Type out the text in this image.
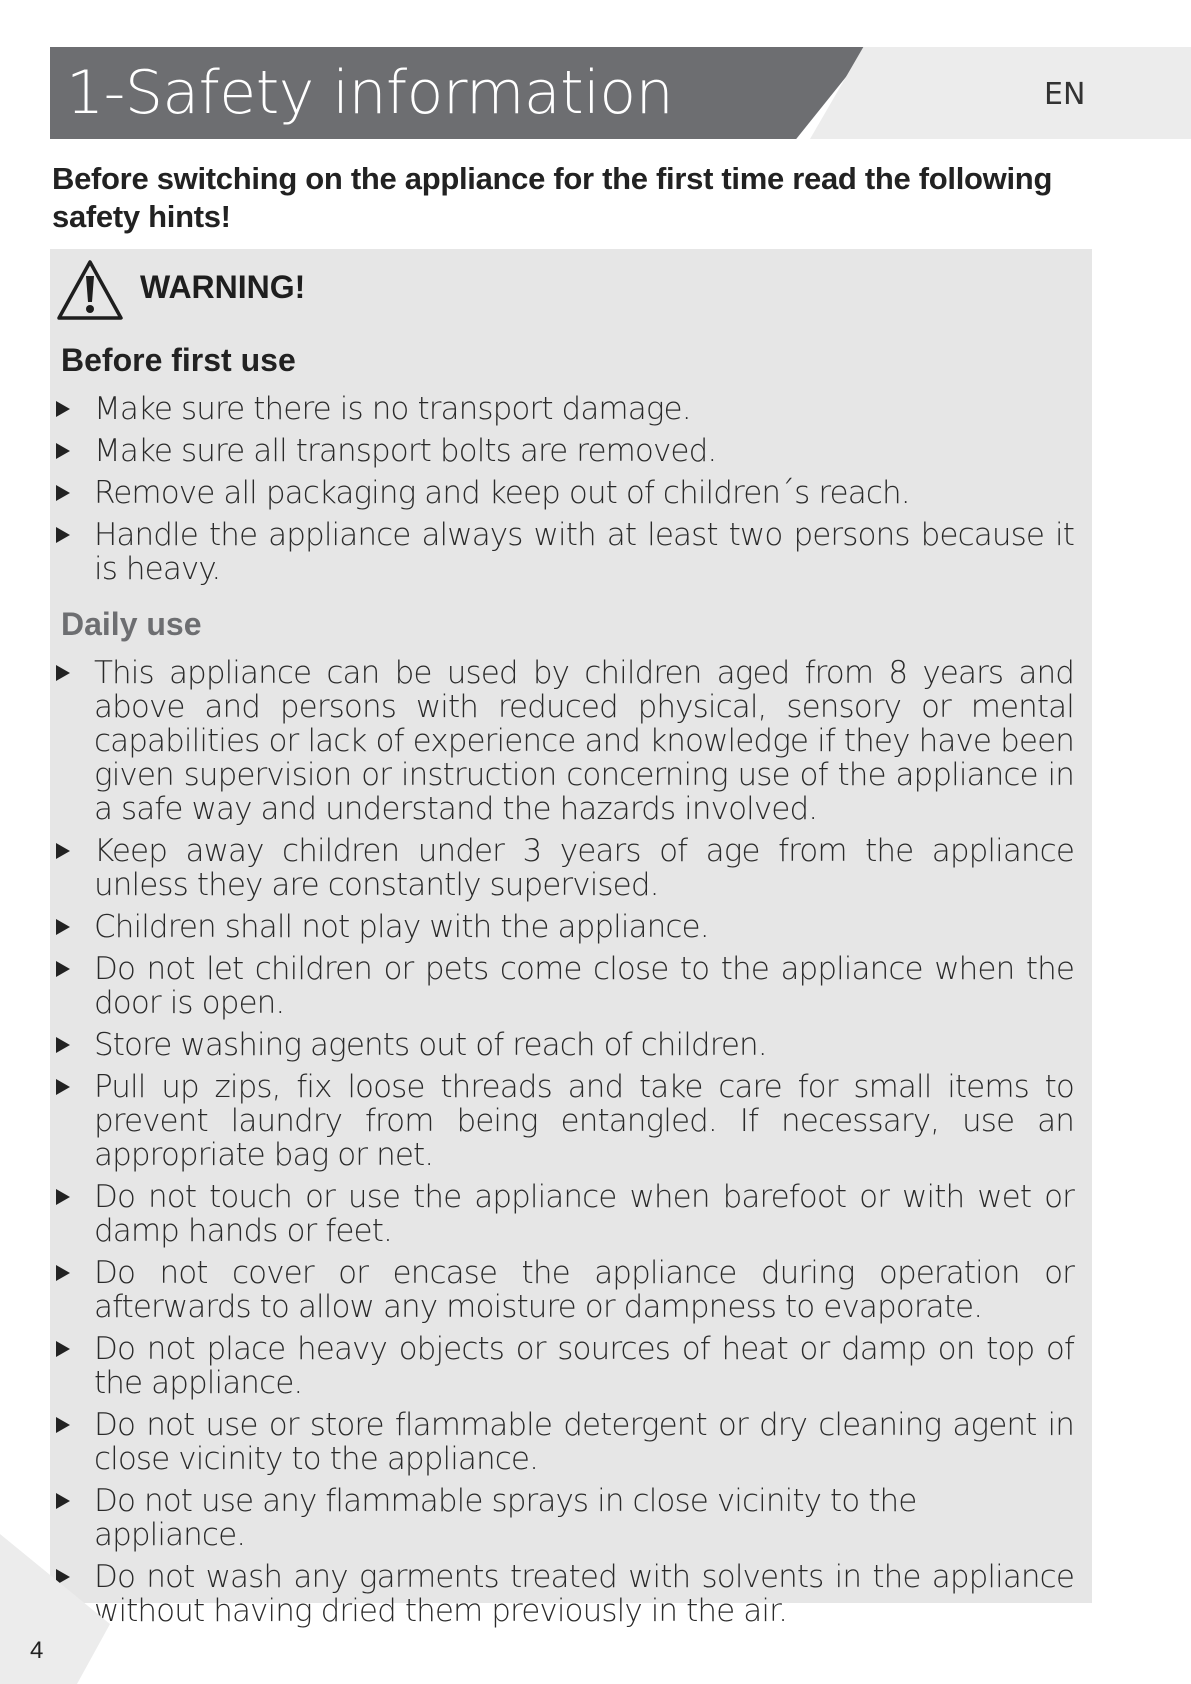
1-Safety information	EN
Before switching on the appliance for the first time read the following safety hints!
WARNING!
Before first use
Make sure there is no transport damage.
Make sure all transport bolts are removed.
Remove all packaging and keep out of children´s reach.
Handle the appliance always with at least two persons because it is heavy.
Daily use
This appliance can be used by children aged from 8 years and above and persons with reduced physical, sensory or mental capabilities or lack of experience and knowledge if they have been given supervision or instruction concerning use of the appliance in a safe way and understand the hazards involved.
Keep away children under 3 years of age from the appliance unless they are constantly supervised.
Children shall not play with the appliance.
Do not let children or pets come close to the appliance when the door is open.
Store washing agents out of reach of children.
Pull up zips, fix loose threads and take care for small items to prevent laundry from being entangled. If necessary, use an appropriate bag or net.
Do not touch or use the appliance when barefoot or with wet or damp hands or feet.
Do not cover or encase the appliance during operation or afterwards to allow any moisture or dampness to evaporate.
Do not place heavy objects or sources of heat or damp on top of the appliance.
Do not use or store flammable detergent or dry cleaning agent in close vicinity to the appliance.
Do not use any flammable sprays in close vicinity to the appliance.
Do not wash any garments treated with solvents in the appliance without having dried them previously in the air.
4
